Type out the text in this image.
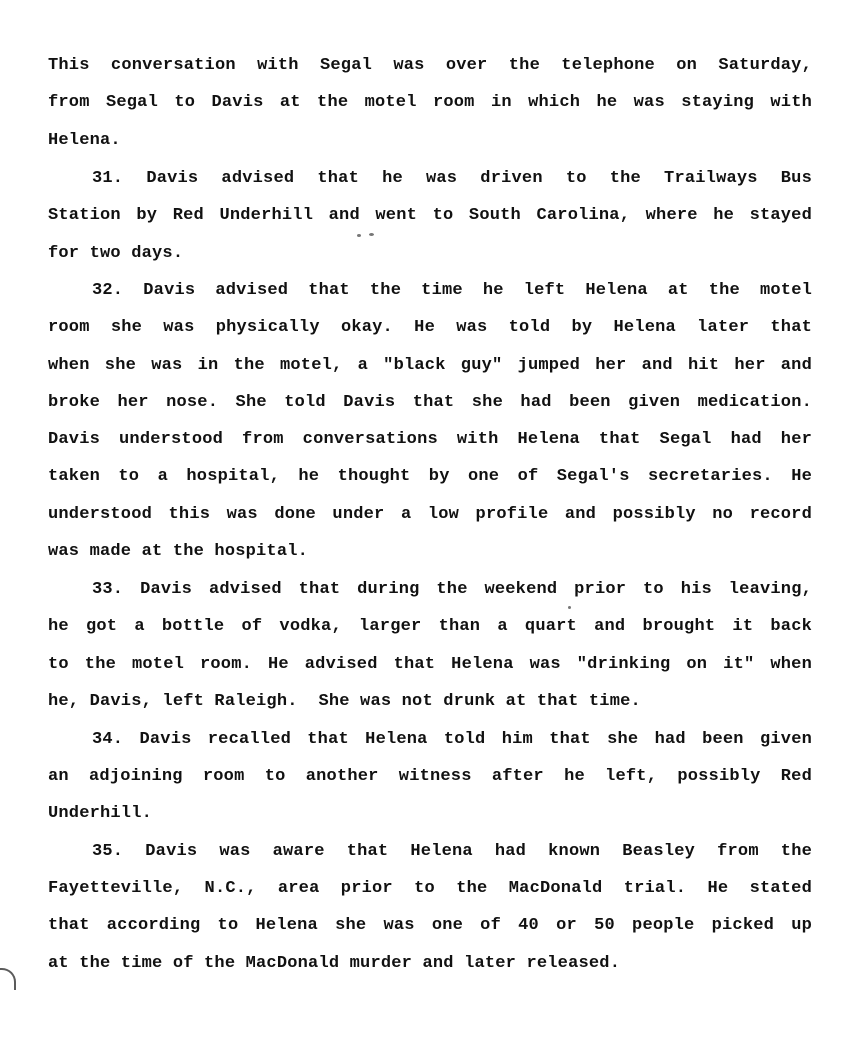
This conversation with Segal was over the telephone on Saturday,
from Segal to Davis at the motel room in which he was staying with
Helena.
31. Davis advised that he was driven to the Trailways Bus
Station by Red Underhill and went to South Carolina, where he stayed
for two days.
32. Davis advised that the time he left Helena at the motel
room she was physically okay. He was told by Helena later that
when she was in the motel, a "black guy" jumped her and hit her and
broke her nose. She told Davis that she had been given medication.
Davis understood from conversations with Helena that Segal had her
taken to a hospital, he thought by one of Segal's secretaries. He
understood this was done under a low profile and possibly no record
was made at the hospital.
33. Davis advised that during the weekend prior to his leaving,
he got a bottle of vodka, larger than a quart and brought it back
to the motel room. He advised that Helena was "drinking on it" when
he, Davis, left Raleigh.  She was not drunk at that time.
34. Davis recalled that Helena told him that she had been given
an adjoining room to another witness after he left, possibly Red
Underhill.
35. Davis was aware that Helena had known Beasley from the
Fayetteville, N.C., area prior to the MacDonald trial. He stated
that according to Helena she was one of 40 or 50 people picked up
at the time of the MacDonald murder and later released.
